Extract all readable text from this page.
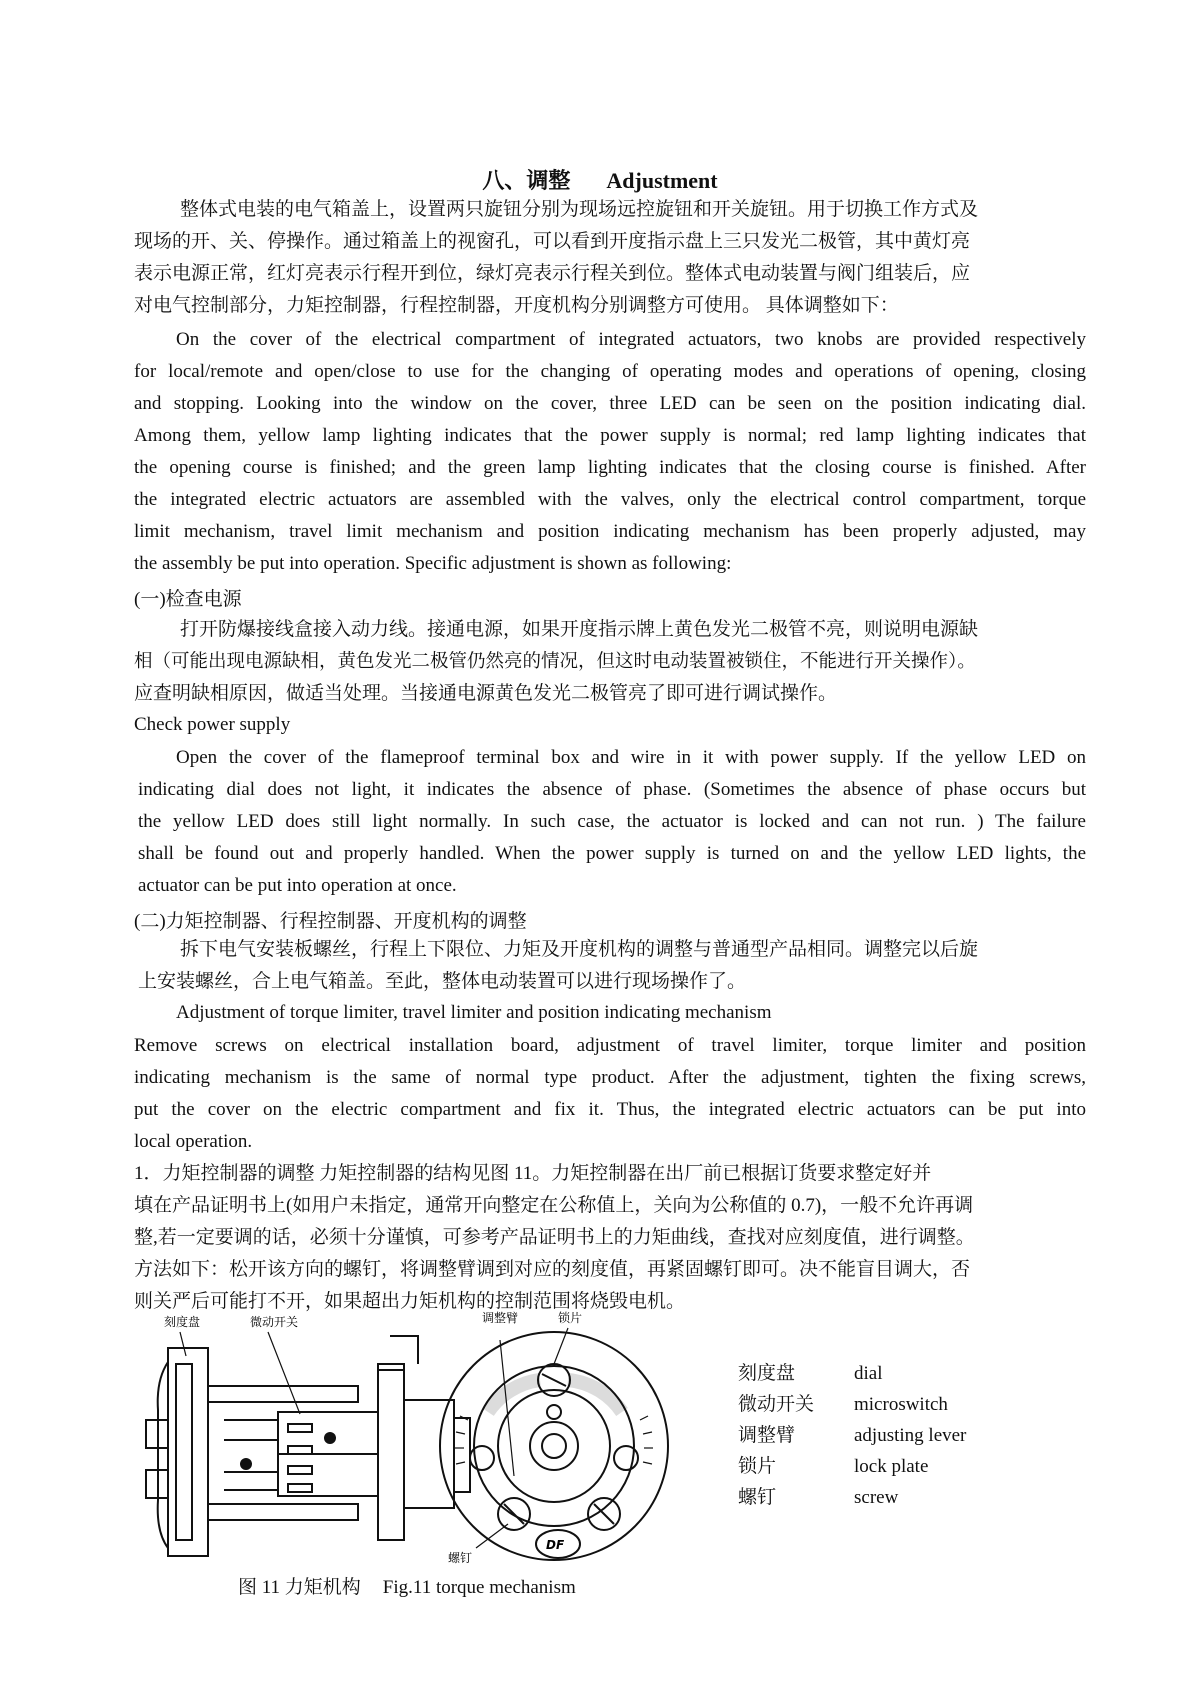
八、调整 Adjustment
整体式电装的电气箱盖上，设置两只旋钮分别为现场远控旋钮和开关旋钮。用于切换工作方式及
现场的开、关、停操作。通过箱盖上的视窗孔，可以看到开度指示盘上三只发光二极管，其中黄灯亮
表示电源正常，红灯亮表示行程开到位，绿灯亮表示行程关到位。整体式电动装置与阀门组装后，应
对电气控制部分，力矩控制器，行程控制器，开度机构分别调整方可使用。 具体调整如下：
On the cover of the electrical compartment of integrated actuators, two knobs are provided respectively
for local/remote and open/close to use for the changing of operating modes and operations of opening, closing
and stopping. Looking into the window on the cover, three LED can be seen on the position indicating dial.
Among them, yellow lamp lighting indicates that the power supply is normal; red lamp lighting indicates that
the opening course is finished; and the green lamp lighting indicates that the closing course is finished. After
the integrated electric actuators are assembled with the valves, only the electrical control compartment, torque
limit mechanism, travel limit mechanism and position indicating mechanism has been properly adjusted, may
the assembly be put into operation. Specific adjustment is shown as following:
(一)检查电源
打开防爆接线盒接入动力线。接通电源，如果开度指示牌上黄色发光二极管不亮，则说明电源缺
相（可能出现电源缺相，黄色发光二极管仍然亮的情况，但这时电动装置被锁住，不能进行开关操作）。
应查明缺相原因，做适当处理。当接通电源黄色发光二极管亮了即可进行调试操作。
Check power supply
Open the cover of the flameproof terminal box and wire in it with power supply. If the yellow LED on
indicating dial does not light, it indicates the absence of phase. (Sometimes the absence of phase occurs but
the yellow LED does still light normally. In such case, the actuator is locked and can not run. ) The failure
shall be found out and properly handled. When the power supply is turned on and the yellow LED lights, the
actuator can be put into operation at once.
(二)力矩控制器、行程控制器、开度机构的调整
拆下电气安装板螺丝，行程上下限位、力矩及开度机构的调整与普通型产品相同。调整完以后旋
上安装螺丝，合上电气箱盖。至此，整体电动装置可以进行现场操作了。
Adjustment of torque limiter, travel limiter and position indicating mechanism
Remove screws on electrical installation board, adjustment of travel limiter, torque limiter and position
indicating mechanism is the same of normal type product. After the adjustment, tighten the fixing screws,
put the cover on the electric compartment and fix it. Thus, the integrated electric actuators can be put into
local operation.
1．力矩控制器的调整 力矩控制器的结构见图 11。力矩控制器在出厂前已根据订货要求整定好并
填在产品证明书上(如用户未指定，通常开向整定在公称值上，关向为公称值的 0.7)，一般不允许再调
整,若一定要调的话，必须十分谨慎，可参考产品证明书上的力矩曲线，查找对应刻度值，进行调整。
方法如下：松开该方向的螺钉，将调整臂调到对应的刻度值，再紧固螺钉即可。决不能盲目调大，否
则关严后可能打不开，如果超出力矩机构的控制范围将烧毁电机。
刻度盘	微动开关
DF
调整臂	锁片
螺钉
刻度盘	dial
微动开关 microswitch
调整臂	adjusting lever
锁片	lock plate
螺钉	screw
图 11 力矩机构 Fig.11 torque mechanism
